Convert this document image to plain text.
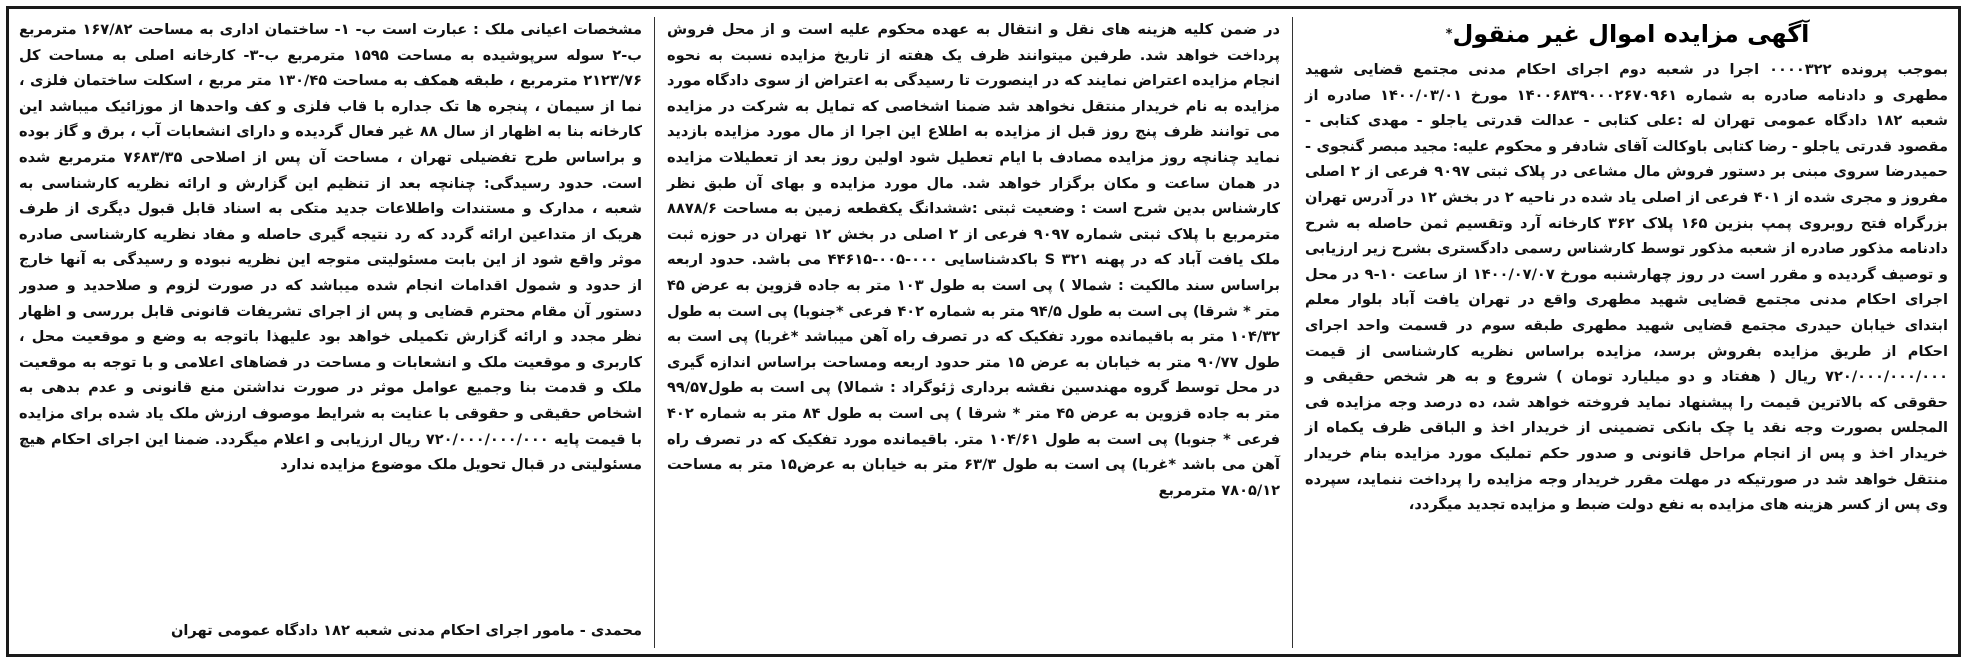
آگهی مزایده اموال غیر منقول
*

بموجب پرونده ۰۰۰۰۳۲۲ اجرا در شعبه دوم اجرای احکام مدنی مجتمع قضایی شهید مطهری و دادنامه صادره به شماره ۱۴۰۰۶۸۳۹۰۰۰۲۶۷۰۹۶۱ مورخ ۱۴۰۰/۰۳/۰۱ صادره از شعبه ۱۸۲ دادگاه عمومی تهران له :علی کتابی - عدالت قدرتی یاجلو - مهدی کتابی - مقصود قدرتی یاجلو - رضا کتابی باوکالت آقای شادفر و محکوم علیه: مجید مبصر گنجوی - حمیدرضا سروی مبنی بر دستور فروش مال مشاعی در پلاک ثبتی ۹۰۹۷ فرعی از ۲ اصلی مفروز و مجری شده از ۴۰۱ فرعی از اصلی یاد شده در ناحیه ۲ در بخش ۱۲ در آدرس تهران بزرگراه فتح روبروی پمپ بنزین ۱۶۵ پلاک ۳۶۲ کارخانه آرد وتقسیم ثمن حاصله به شرح دادنامه مذکور صادره از شعبه مذکور توسط کارشناس رسمی دادگستری بشرح زیر ارزیابی و توصیف گردیده و مقرر است در روز چهارشنبه مورخ ۱۴۰۰/۰۷/۰۷ از ساعت ۱۰-۹ در محل اجرای احکام مدنی مجتمع قضایی شهید مطهری واقع در تهران یافت آباد بلوار معلم ابتدای خیابان حیدری مجتمع قضایی شهید مطهری طبقه سوم در قسمت واحد اجرای احکام از طریق مزایده بفروش برسد، مزایده براساس نظریه کارشناسی از قیمت ۷۲۰/۰۰۰/۰۰۰/۰۰۰ ریال ( هفتاد و دو میلیارد تومان ) شروع و به هر شخص حقیقی و حقوقی که بالاترین قیمت را پیشنهاد نماید فروخته خواهد شد، ده درصد وجه مزایده فی المجلس بصورت وجه نقد یا چک بانکی تضمینی از خریدار اخذ و الباقی ظرف یکماه از خریدار اخذ و پس از انجام مراحل قانونی و صدور حکم تملیک مورد مزایده بنام خریدار منتقل خواهد شد در صورتیکه در مهلت مقرر خریدار وجه مزایده را پرداخت ننماید، سپرده وی پس از کسر هزینه های مزایده به نفع دولت ضبط و مزایده تجدید میگردد،

در ضمن کلیه هزینه های نقل و انتقال به عهده محکوم علیه است و از محل فروش پرداخت خواهد شد. طرفین میتوانند ظرف یک هفته از تاریخ مزایده نسبت به نحوه انجام مزایده اعتراض نمایند که در اینصورت تا رسیدگی به اعتراض از سوی دادگاه مورد مزایده به نام خریدار منتقل نخواهد شد ضمنا اشخاصی که تمایل به شرکت در مزایده می توانند ظرف پنج روز قبل از مزایده به اطلاع این اجرا از مال مورد مزایده بازدید نماید چنانچه روز مزایده مصادف با ایام تعطیل شود اولین روز بعد از تعطیلات مزایده در همان ساعت و مکان برگزار خواهد شد. مال مورد مزایده و بهای آن طبق نظر کارشناس بدین شرح است : وضعیت ثبتی :ششدانگ یکقطعه زمین به مساحت ۸۸۷۸/۶ مترمربع با پلاک ثبتی شماره ۹۰۹۷ فرعی از ۲ اصلی در بخش ۱۲ تهران در حوزه ثبت ملک یافت آباد که در پهنه ۳۲۱ S باکدشناسایی ۰۰۰-۰۰۵-۴۴۶۱۵ می باشد. حدود اربعه براساس سند مالکیت : شمالا ) پی است به طول ۱۰۳ متر به جاده قزوین به عرض ۴۵ متر * شرقا) پی است به طول ۹۴/۵ متر به شماره ۴۰۲ فرعی *جنوبا) پی است به طول ۱۰۴/۳۲ متر به باقیمانده مورد تفکیک که در تصرف راه آهن میباشد *غربا) پی است به طول ۹۰/۷۷ متر به خیابان به عرض ۱۵ متر حدود اربعه ومساحت براساس اندازه گیری در محل توسط گروه مهندسین نقشه برداری ژئوگراد : شمالا) پی است به طول۹۹/۵۷ متر به جاده قزوین به عرض ۴۵ متر * شرقا ) پی است به طول ۸۴ متر به شماره ۴۰۲ فرعی * جنوبا) پی است به طول ۱۰۴/۶۱ متر. باقیمانده مورد تفکیک که در تصرف راه آهن می باشد *غربا) پی است به طول ۶۳/۳ متر به خیابان به عرض۱۵ متر به مساحت ۷۸۰۵/۱۲ مترمربع

مشخصات اعیانی ملک : عبارت است ب- ۱- ساختمان اداری به مساحت ۱۶۷/۸۲ مترمربع ب-۲ سوله سرپوشیده به مساحت ۱۵۹۵ مترمربع ب-۳- کارخانه اصلی به مساحت کل ۲۱۲۳/۷۶ مترمربع ، طبقه همکف به مساحت ۱۳۰/۴۵ متر مربع ، اسکلت ساختمان فلزی ، نما از سیمان ، پنجره ها تک جداره با قاب فلزی و کف واحدها از موزائیک میباشد این کارخانه بنا به اظهار از سال ۸۸ غیر فعال گردیده و دارای انشعابات آب ، برق و گاز بوده و براساس طرح تفضیلی تهران ، مساحت آن پس از اصلاحی ۷۶۸۳/۳۵ مترمربع شده است. حدود رسیدگی: چنانچه بعد از تنظیم این گزارش و ارائه نظریه کارشناسی به شعبه ، مدارک و مستندات واطلاعات جدید متکی به اسناد قابل قبول دیگری از طرف هریک از متداعین ارائه گردد که رد نتیجه گیری حاصله و مفاد نظریه کارشناسی صادره موثر واقع شود از این بابت مسئولیتی متوجه این نظریه نبوده و رسیدگی به آنها خارج از حدود و شمول اقدامات انجام شده میباشد که در صورت لزوم و صلاحدید و صدور دستور آن مقام محترم قضایی و پس از اجرای تشریفات قانونی قابل بررسی و اظهار نظر مجدد و ارائه گزارش تکمیلی خواهد بود علیهذا باتوجه به وضع و موقعیت محل ، کاربری و موقعیت ملک و انشعابات و مساحت در فضاهای اعلامی و با توجه به موقعیت ملک و قدمت بنا وجمیع عوامل موثر در صورت نداشتن منع قانونی و عدم بدهی به اشخاص حقیقی و حقوقی با عنایت به شرایط موصوف ارزش ملک یاد شده برای مزایده با قیمت پایه ۷۲۰/۰۰۰/۰۰۰/۰۰۰ ریال ارزیابی و اعلام میگردد. ضمنا این اجرای احکام هیچ مسئولیتی در قبال تحویل ملک موضوع مزایده ندارد

محمدی - مامور اجرای احکام مدنی شعبه ۱۸۲ دادگاه عمومی تهران
